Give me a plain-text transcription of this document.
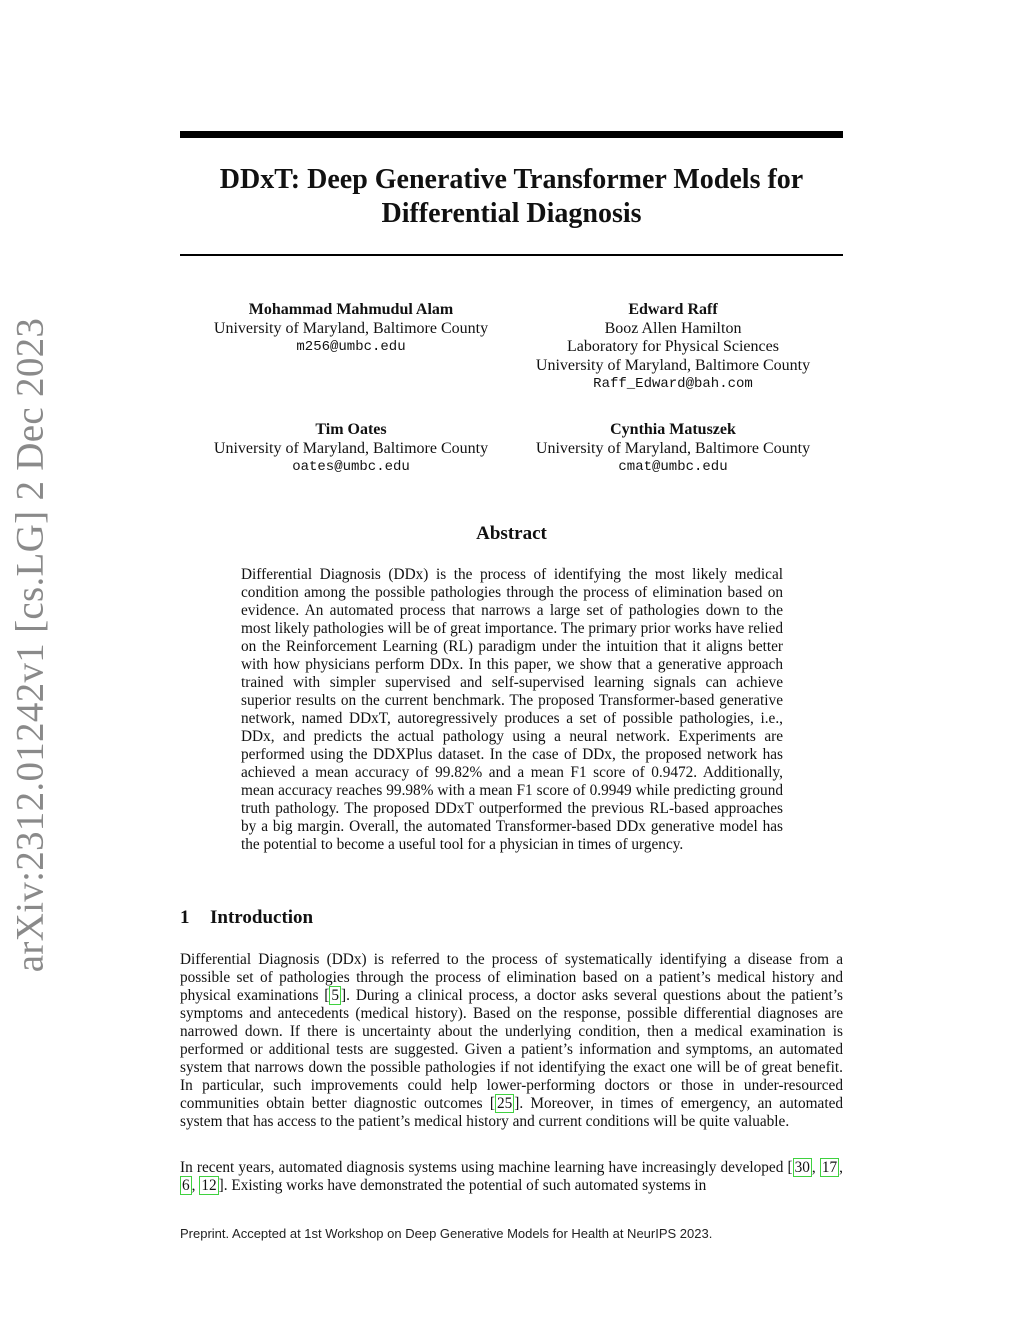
arXiv:2312.01242v1 [cs.LG] 2 Dec 2023
DDxT: Deep Generative Transformer Models for Differential Diagnosis
Mohammad Mahmudul Alam
University of Maryland, Baltimore County
m256@umbc.edu
Edward Raff
Booz Allen Hamilton
Laboratory for Physical Sciences
University of Maryland, Baltimore County
Raff_Edward@bah.com
Tim Oates
University of Maryland, Baltimore County
oates@umbc.edu
Cynthia Matuszek
University of Maryland, Baltimore County
cmat@umbc.edu
Abstract
Differential Diagnosis (DDx) is the process of identifying the most likely medical condition among the possible pathologies through the process of elimination based on evidence. An automated process that narrows a large set of pathologies down to the most likely pathologies will be of great importance. The primary prior works have relied on the Reinforcement Learning (RL) paradigm under the intuition that it aligns better with how physicians perform DDx. In this paper, we show that a generative approach trained with simpler supervised and self-supervised learning signals can achieve superior results on the current benchmark. The proposed Transformer-based generative network, named DDxT, autoregressively produces a set of possible pathologies, i.e., DDx, and predicts the actual pathology using a neural network. Experiments are performed using the DDXPlus dataset. In the case of DDx, the proposed network has achieved a mean accuracy of 99.82% and a mean F1 score of 0.9472. Additionally, mean accuracy reaches 99.98% with a mean F1 score of 0.9949 while predicting ground truth pathology. The proposed DDxT outperformed the previous RL-based approaches by a big margin. Overall, the automated Transformer-based DDx generative model has the potential to become a useful tool for a physician in times of urgency.
1 Introduction
Differential Diagnosis (DDx) is referred to the process of systematically identifying a disease from a possible set of pathologies through the process of elimination based on a patient’s medical history and physical examinations [ 5 ]. During a clinical process, a doctor asks several questions about the patient’s symptoms and antecedents (medical history). Based on the response, possible differential diagnoses are narrowed down. If there is uncertainty about the underlying condition, then a medical examination is performed or additional tests are suggested. Given a patient’s information and symptoms, an automated system that narrows down the possible pathologies if not identifying the exact one will be of great benefit. In particular, such improvements could help lower-performing doctors or those in under-resourced communities obtain better diagnostic outcomes [ 25 ]. Moreover, in times of emergency, an automated system that has access to the patient’s medical history and current conditions will be quite valuable.
In recent years, automated diagnosis systems using machine learning have increasingly developed [ 30 , 17 , 6 , 12 ]. Existing works have demonstrated the potential of such automated systems in
Preprint. Accepted at 1st Workshop on Deep Generative Models for Health at NeurIPS 2023.
